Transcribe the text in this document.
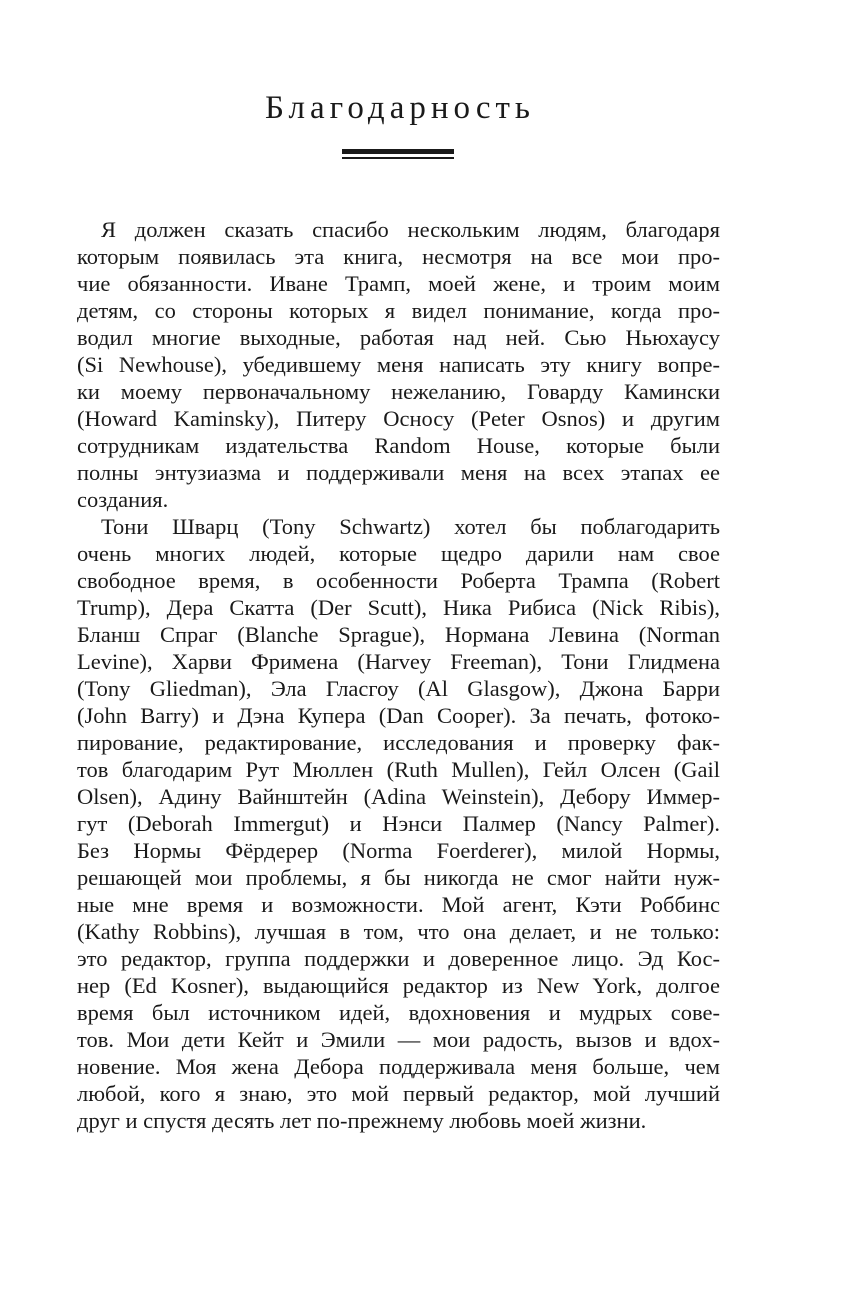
Благодарность

Я должен сказать спасибо нескольким людям, благодаря
которым появилась эта книга, несмотря на все мои про-
чие обязанности. Иване Трамп, моей жене, и троим моим
детям, со стороны которых я видел понимание, когда про-
водил многие выходные, работая над ней. Сью Ньюхаусу
(Si Newhouse), убедившему меня написать эту книгу вопре-
ки моему первоначальному нежеланию, Говарду Камински
(Howard Kaminsky), Питеру Осносу (Peter Osnos) и другим
сотрудникам издательства Random House, которые были
полны энтузиазма и поддерживали меня на всех этапах ее
создания.

Тони Шварц (Tony Schwartz) хотел бы поблагодарить
очень многих людей, которые щедро дарили нам свое
свободное время, в особенности Роберта Трампа (Robert
Trump), Дера Скатта (Der Scutt), Ника Рибиса (Nick Ribis),
Бланш Спраг (Blanche Sprague), Нормана Левина (Norman
Levine), Харви Фримена (Harvey Freeman), Тони Глидмена
(Tony Gliedman), Эла Гласгоу (Al Glasgow), Джона Барри
(John Barry) и Дэна Купера (Dan Cooper). За печать, фотоко-
пирование, редактирование, исследования и проверку фак-
тов благодарим Рут Мюллен (Ruth Mullen), Гейл Олсен (Gail
Olsen), Адину Вайнштейн (Adina Weinstein), Дебору Иммер-
гут (Deborah Immergut) и Нэнси Палмер (Nancy Palmer).
Без Нормы Фёрдерер (Norma Foerderer), милой Нормы,
решающей мои проблемы, я бы никогда не смог найти нуж-
ные мне время и возможности. Мой агент, Кэти Роббинс
(Kathy Robbins), лучшая в том, что она делает, и не только:
это редактор, группа поддержки и доверенное лицо. Эд Кос-
нер (Ed Kosner), выдающийся редактор из New York, долгое
время был источником идей, вдохновения и мудрых сове-
тов. Мои дети Кейт и Эмили — мои радость, вызов и вдох-
новение. Моя жена Дебора поддерживала меня больше, чем
любой, кого я знаю, это мой первый редактор, мой лучший
друг и спустя десять лет по-прежнему любовь моей жизни.
